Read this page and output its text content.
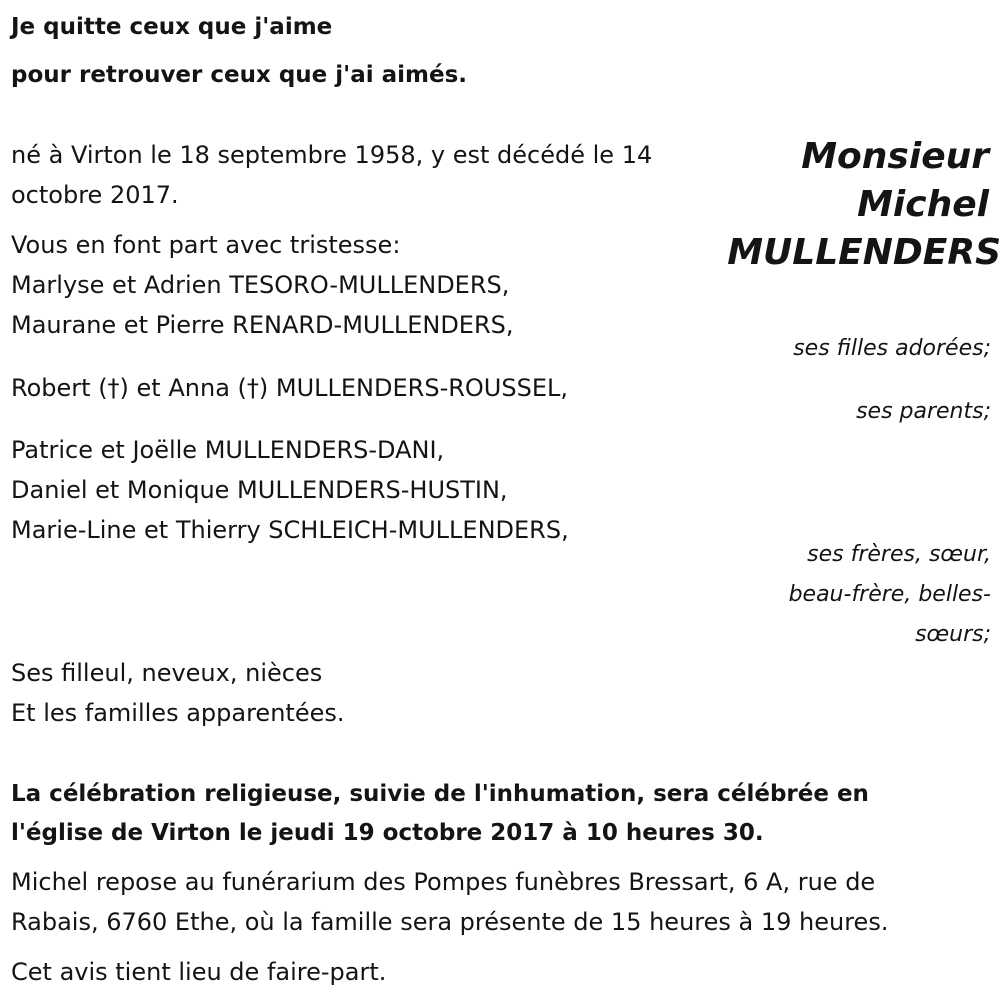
Je quitte ceux que j'aime
pour retrouver ceux que j'ai aimés.
Monsieur
Michel
MULLENDERS
né à Virton le 18 septembre 1958, y est décédé le 14
octobre 2017.
Vous en font part avec tristesse:
Marlyse et Adrien TESORO-MULLENDERS,
Maurane et Pierre RENARD-MULLENDERS,
ses filles adorées;
Robert (†) et Anna (†) MULLENDERS-ROUSSEL,
ses parents;
Patrice et Joëlle MULLENDERS-DANI,
Daniel et Monique MULLENDERS-HUSTIN,
Marie-Line et Thierry SCHLEICH-MULLENDERS,
ses frères, sœur,
beau-frère, belles-
sœurs;
Ses filleul, neveux, nièces
Et les familles apparentées.
La célébration religieuse, suivie de l'inhumation, sera célébrée en
l'église de Virton le jeudi 19 octobre 2017 à 10 heures 30.
Michel repose au funérarium des Pompes funèbres Bressart, 6 A, rue de
Rabais, 6760 Ethe, où la famille sera présente de 15 heures à 19 heures.
Cet avis tient lieu de faire-part.
